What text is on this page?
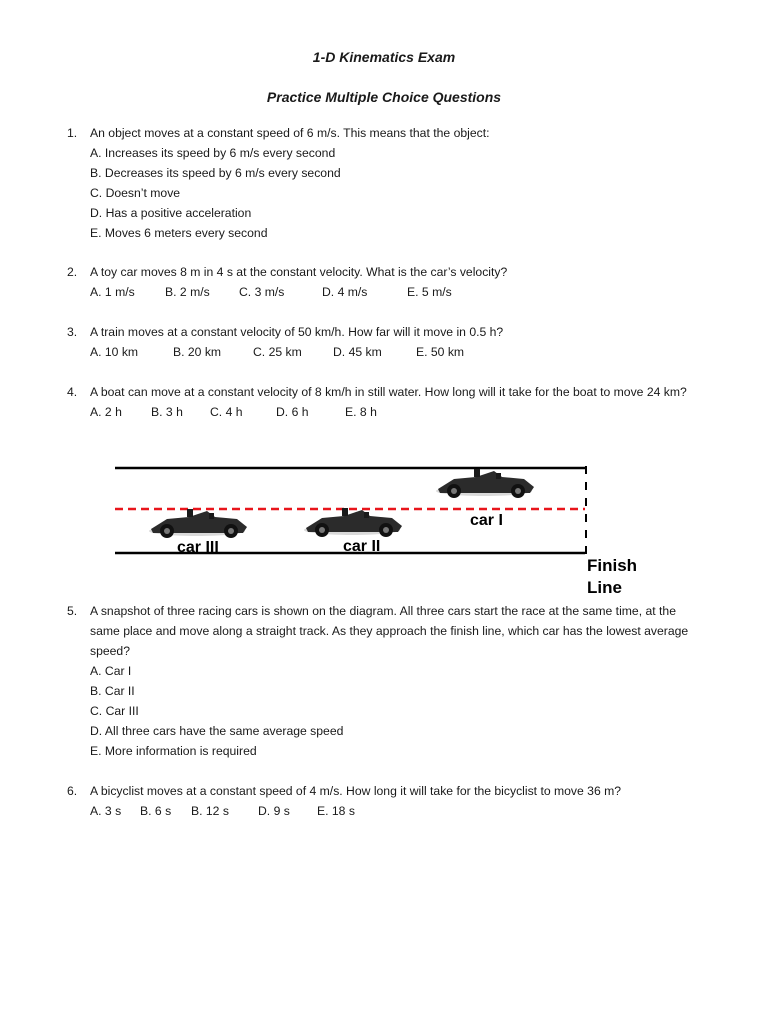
1-D Kinematics Exam
Practice Multiple Choice Questions
1. An object moves at a constant speed of 6 m/s. This means that the object:
A. Increases its speed by 6 m/s every second
B. Decreases its speed by 6 m/s every second
C. Doesn’t move
D. Has a positive acceleration
E. Moves 6 meters every second
2. A toy car moves 8 m in 4 s at the constant velocity. What is the car’s velocity?
A. 1 m/s B. 2 m/s C. 3 m/s	D. 4 m/s	E. 5 m/s
3. A train moves at a constant velocity of 50 km/h. How far will it move in 0.5 h?
A. 10 km	B. 20 km	C. 25 km	D. 45 km	E. 50 km
4. A boat can move at a constant velocity of 8 km/h in still water. How long will it take for the boat to move 24 km?
A. 2 h B. 3 h C. 4 h	D. 6 h	E. 8 h
car I
car II
car III
Finish
Line
5. A snapshot of three racing cars is shown on the diagram. All three cars start the race at the same time, at the
same place and move along a straight track. As they approach the finish line, which car has the lowest average
speed?
A. Car I
B. Car II
C. Car III
D. All three cars have the same average speed
E. More information is required
6. A bicyclist moves at a constant speed of 4 m/s. How long it will take for the bicyclist to move 36 m?
A. 3 s B. 6 s B. 12 s D. 9 s E. 18 s
